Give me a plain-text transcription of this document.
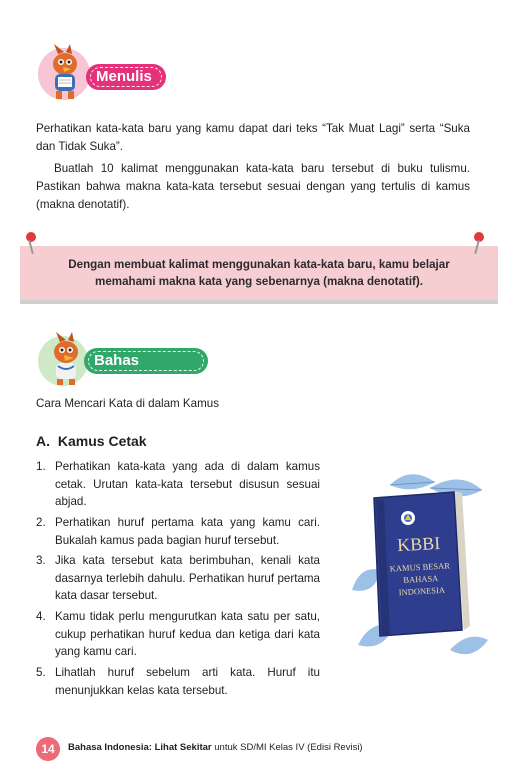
Menulis

Perhatikan kata-kata baru yang kamu dapat dari teks “Tak Muat Lagi” serta “Suka dan Tidak Suka”.

Buatlah 10 kalimat menggunakan kata-kata baru tersebut di buku tulismu. Pastikan bahwa makna kata-kata tersebut sesuai dengan yang tertulis di kamus (makna denotatif).

Dengan membuat kalimat menggunakan kata-kata baru, kamu belajar memahami makna kata yang sebenarnya (makna denotatif).

Bahas Bahasa

Cara Mencari Kata di dalam Kamus

A. Kamus Cetak
1. Perhatikan kata-kata yang ada di dalam kamus cetak. Urutan kata-kata tersebut disusun sesuai abjad.

2. Perhatikan huruf pertama kata yang kamu cari. Bukalah kamus pada bagian huruf tersebut.

3. Jika kata tersebut kata berimbuhan, kenali kata dasarnya terlebih dahulu. Perhatikan huruf pertama kata dasar tersebut.

4. Kamu tidak perlu mengurutkan kata satu per satu, cukup perhatikan huruf kedua dan ketiga dari kata yang kamu cari.

5. Lihatlah huruf sebelum arti kata. Huruf itu menunjukkan kelas kata tersebut.

KBBI
KAMUS BESAR
BAHASA
INDONESIA
14	Bahasa Indonesia: Lihat Sekitar untuk SD/MI Kelas IV (Edisi Revisi)
